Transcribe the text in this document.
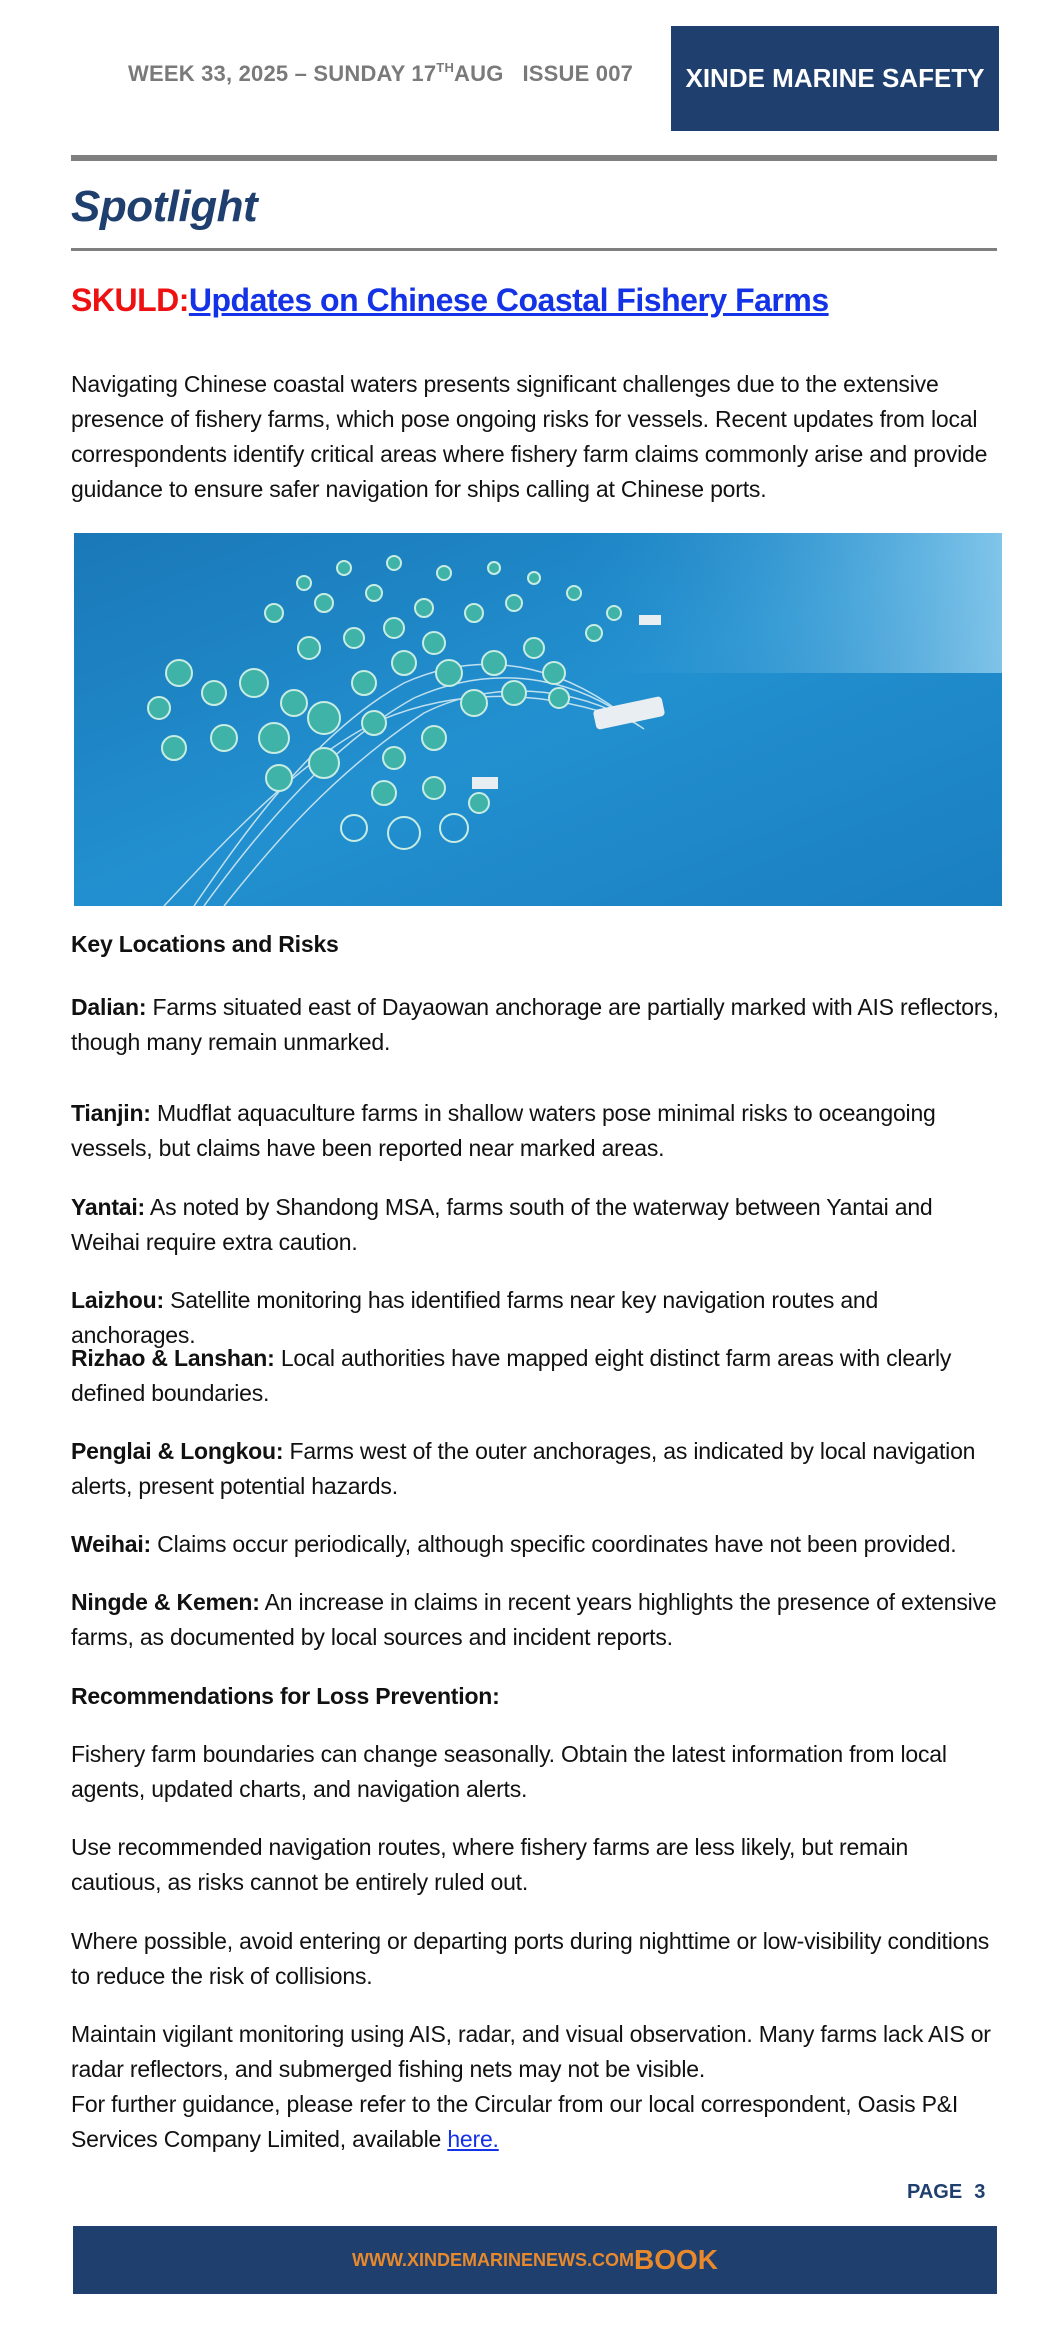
WEEK 33, 2025 – SUNDAY 17THAUG ISSUE 007 XINDE MARINE SAFETY
Spotlight
SKULD:Updates on Chinese Coastal Fishery Farms
Navigating Chinese coastal waters presents significant challenges due to the extensive presence of fishery farms, which pose ongoing risks for vessels. Recent updates from local correspondents identify critical areas where fishery farm claims commonly arise and provide guidance to ensure safer navigation for ships calling at Chinese ports.
Key Locations and Risks
Dalian: Farms situated east of Dayaowan anchorage are partially marked with AIS reflectors, though many remain unmarked.
Tianjin: Mudflat aquaculture farms in shallow waters pose minimal risks to oceangoing vessels, but claims have been reported near marked areas.
Yantai: As noted by Shandong MSA, farms south of the waterway between Yantai and Weihai require extra caution.
Laizhou: Satellite monitoring has identified farms near key navigation routes and anchorages.
Rizhao & Lanshan: Local authorities have mapped eight distinct farm areas with clearly defined boundaries.
Penglai & Longkou: Farms west of the outer anchorages, as indicated by local navigation alerts, present potential hazards.
Weihai: Claims occur periodically, although specific coordinates have not been provided.
Ningde & Kemen: An increase in claims in recent years highlights the presence of extensive farms, as documented by local sources and incident reports.
Recommendations for Loss Prevention:
Fishery farm boundaries can change seasonally. Obtain the latest information from local agents, updated charts, and navigation alerts.
Use recommended navigation routes, where fishery farms are less likely, but remain cautious, as risks cannot be entirely ruled out.
Where possible, avoid entering or departing ports during nighttime or low-visibility conditions to reduce the risk of collisions.
Maintain vigilant monitoring using AIS, radar, and visual observation. Many farms lack AIS or radar reflectors, and submerged fishing nets may not be visible.
For further guidance, please refer to the Circular from our local correspondent, Oasis P&I Services Company Limited, available here.
PAGE 3
WWW.XINDEMARINENEWS.COM BOOK
